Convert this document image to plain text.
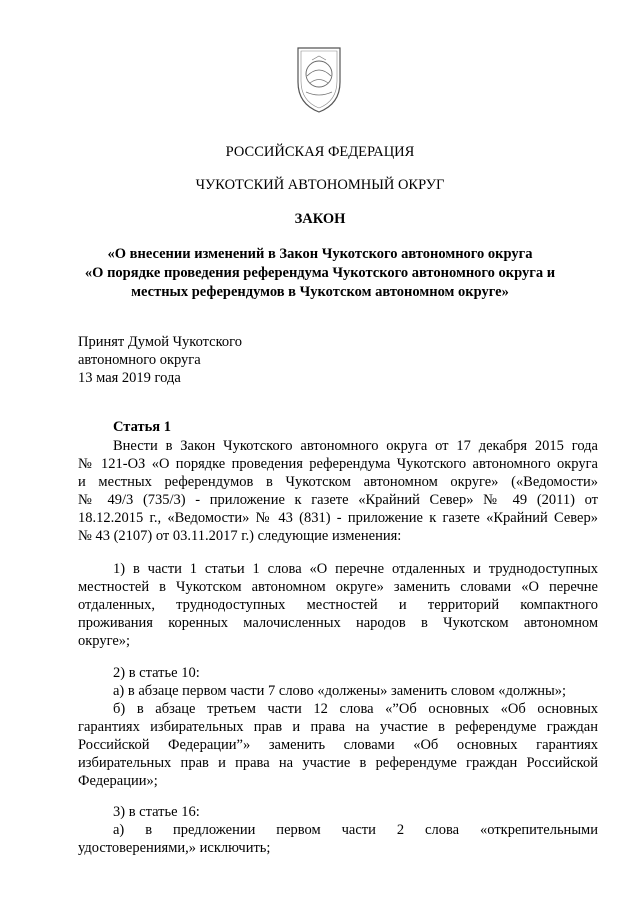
РОССИЙСКАЯ ФЕДЕРАЦИЯ
ЧУКОТСКИЙ АВТОНОМНЫЙ ОКРУГ
ЗАКОН
«О внесении изменений в Закон Чукотского автономного округа
«О порядке проведения референдума Чукотского автономного округа и
местных референдумов в Чукотском автономном округе»
Принят Думой Чукотского
автономного округа
13 мая 2019 года
Статья 1
Внести в Закон Чукотского автономного округа от 17 декабря 2015 года
№ 121-ОЗ «О порядке проведения референдума Чукотского автономного округа
и местных референдумов в Чукотском автономном округе» («Ведомости»
№ 49/3 (735/3) - приложение к газете «Крайний Север» № 49 (2011) от
18.12.2015 г., «Ведомости» № 43 (831) - приложение к газете «Крайний Север»
№ 43 (2107) от 03.11.2017 г.) следующие изменения:
1) в части 1 статьи 1 слова «О перечне отдаленных и труднодоступных
местностей в Чукотском автономном округе» заменить словами «О перечне
отдаленных, труднодоступных местностей и территорий компактного
проживания коренных малочисленных народов в Чукотском автономном
округе»;
2) в статье 10:
а) в абзаце первом части 7 слово «должены» заменить словом «должны»;
б) в абзаце третьем части 12 слова «”Об основных «Об основных
гарантиях избирательных прав и права на участие в референдуме граждан
Российской Федерации”» заменить словами «Об основных гарантиях
избирательных прав и права на участие в референдуме граждан Российской
Федерации»;
3) в статье 16:
а) в предложении первом части 2 слова «открепительными
удостоверениями,» исключить;
